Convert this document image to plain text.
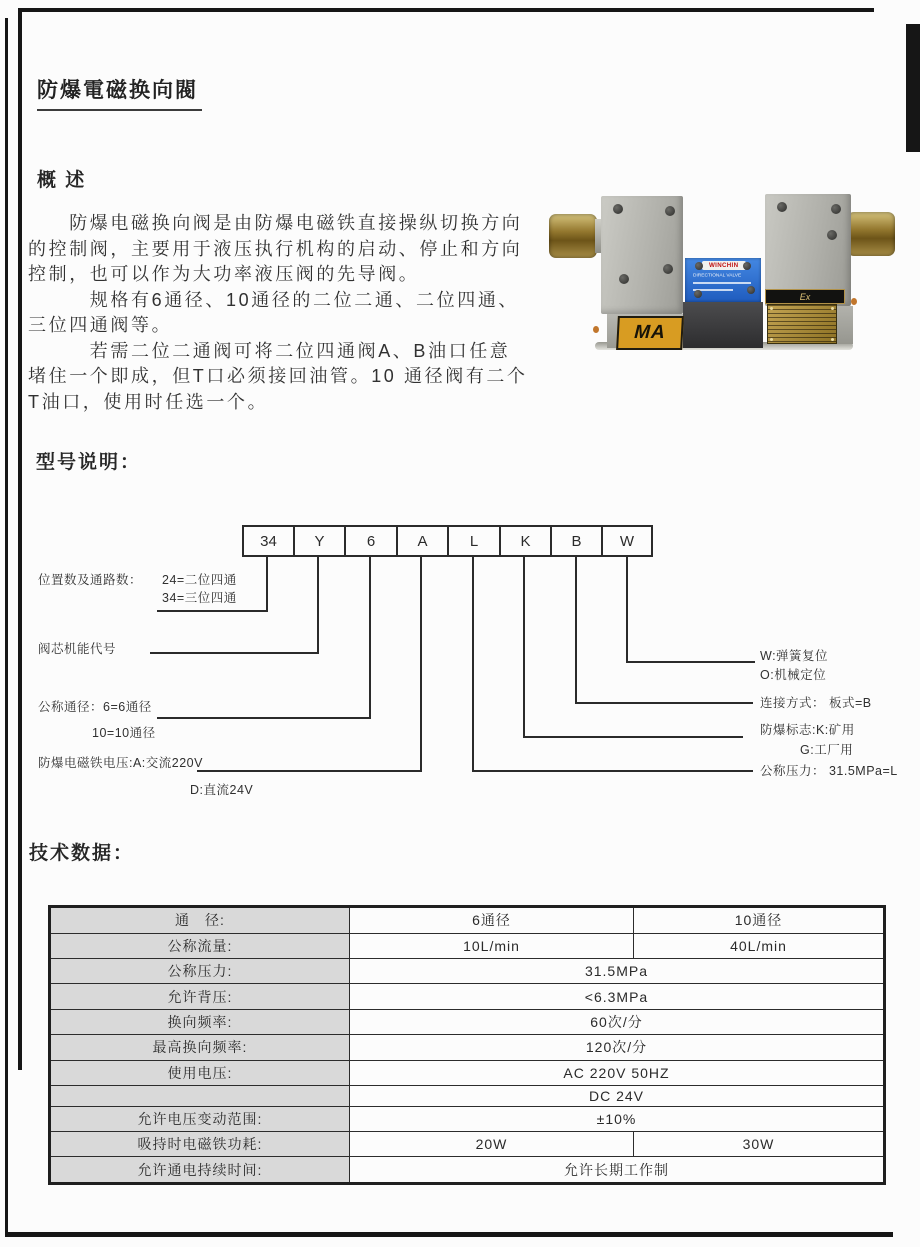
防爆電磁换向閥
概 述
　　防爆电磁换向阀是由防爆电磁铁直接操纵切换方向
的控制阀，主要用于液压执行机构的启动、停止和方向
控制，也可以作为大功率液压阀的先导阀。
　　　规格有6通径、10通径的二位二通、二位四通、
三位四通阀等。
　　　若需二位二通阀可将二位四通阀A、B油口任意
堵住一个即成，但T口必须接回油管。10 通径阀有二个
T油口，使用时任选一个。
WINCHIN
DIRECTIONAL VALVE
MA
Ex
型号说明：
34	Y	6	A	L	K	B	W
位置数及通路数： 24=二位四通
34=三位四通
阀芯机能代号
公称通径：6=6通径
10=10通径
防爆电磁铁电压:A:交流220V
D:直流24V
W:弹簧复位
O:机械定位
连接方式： 板式=B
防爆标志:K:矿用
G:工厂用
公称压力： 31.5MPa=L
技术数据：
通　径:	6通径	10通径
公称流量:	10L/min	40L/min
公称压力:	31.5MPa	
允许背压:	<6.3MPa	
换向频率:	60次/分	
最高换向频率:	120次/分	
使用电压:	AC 220V 50HZ	
	DC 24V	
允许电压变动范围:	±10%	
吸持时电磁铁功耗:	20W	30W
允许通电持续时间:	允许长期工作制	
